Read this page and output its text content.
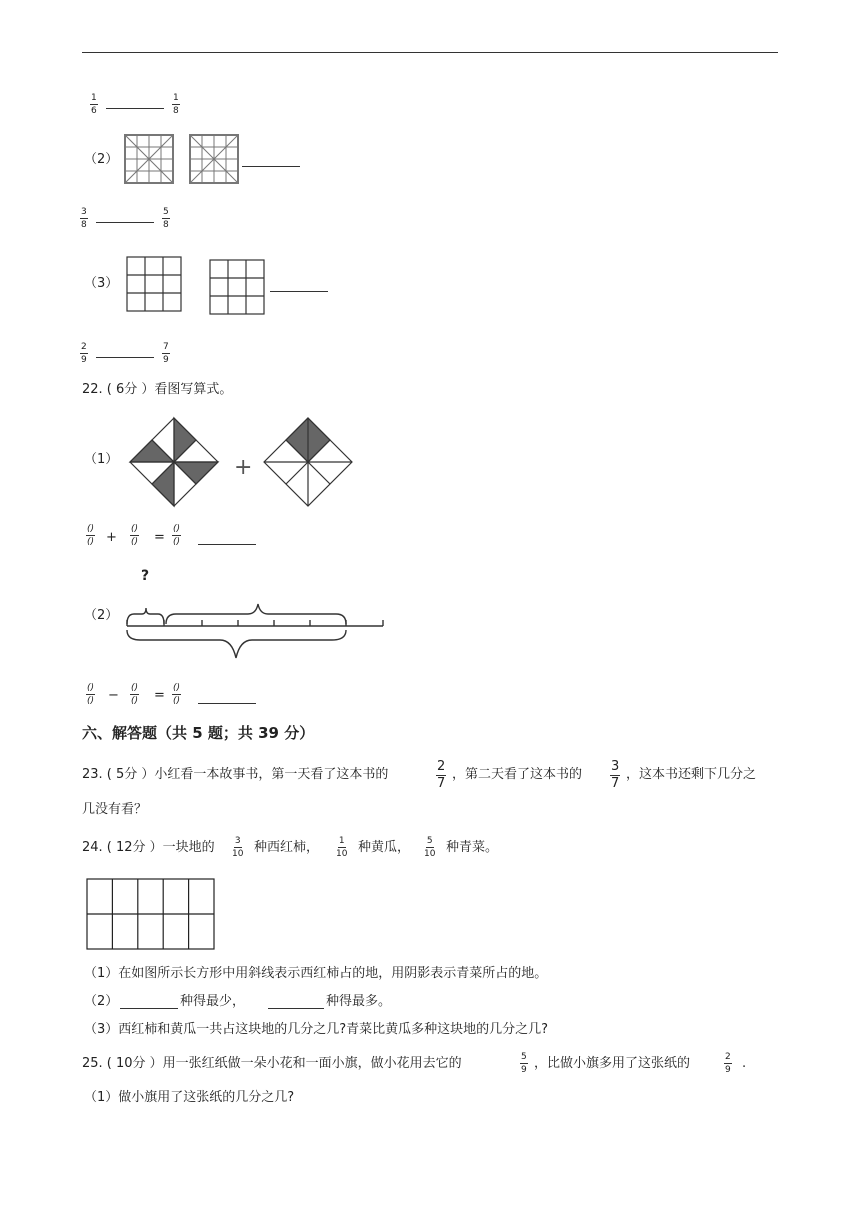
$\frac{1}{6}$	$\frac{1}{8}$
（2）
$\frac{3}{8}$	$\frac{5}{8}$
（3）
$\frac{2}{9}$	$\frac{7}{9}$
22. ( 6分 ）看图写算式。
（1）	+
()
() +
()
() =
()
()
（2）
?
()
() − ()
() = ()
()
六、解答题（共 5 题；共 39 分）
23. ( 5分 ）小红看一本故事书，第一天看了这本书的	$\frac{2}{7}$ ，第二天看了这本书的 $\frac{3}{7}$ ，这本书还剩下几分之
几没有看？
24. ( 12分 ）一块地的 $\frac{3}{10}$ 种西红柿， $\frac{1}{10}$ 种黄瓜， $\frac{5}{10}$ 种青菜。
（1）在如图所示长方形中用斜线表示西红柿占的地，用阴影表示青菜所占的地。
（2）	种得最少，	种得最多。
（3）西红柿和黄瓜一共占这块地的几分之几?青菜比黄瓜多种这块地的几分之几?
25. ( 10分 ）用一张红纸做一朵小花和一面小旗，做小花用去它的	$\frac{5}{9}$ ，比做小旗多用了这张纸的	$\frac{2}{9}$ .
（1）做小旗用了这张纸的几分之几?
